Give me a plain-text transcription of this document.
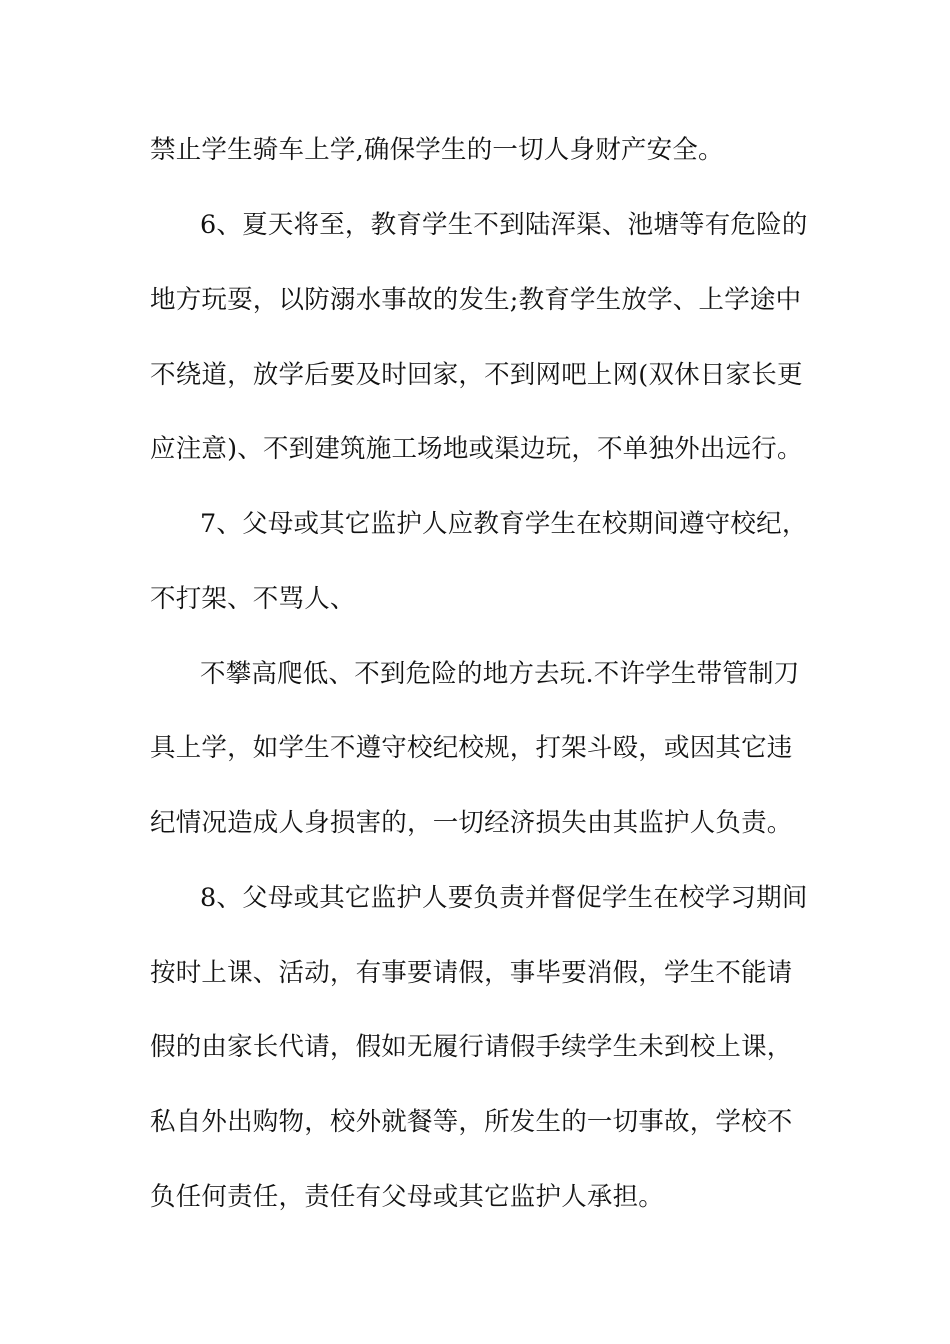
禁止学生骑车上学,确保学生的一切人身财产安全。
6、夏天将至，教育学生不到陆浑渠、池塘等有危险的
地方玩耍，以防溺水事故的发生;教育学生放学、上学途中
不绕道，放学后要及时回家，不到网吧上网(双休日家长更
应注意)、不到建筑施工场地或渠边玩，不单独外出远行。
7、父母或其它监护人应教育学生在校期间遵守校纪，
不打架、不骂人、
不攀高爬低、不到危险的地方去玩.不许学生带管制刀
具上学，如学生不遵守校纪校规，打架斗殴，或因其它违
纪情况造成人身损害的，一切经济损失由其监护人负责。
8、父母或其它监护人要负责并督促学生在校学习期间
按时上课、活动，有事要请假，事毕要消假，学生不能请
假的由家长代请，假如无履行请假手续学生未到校上课，
私自外出购物，校外就餐等，所发生的一切事故，学校不
负任何责任，责任有父母或其它监护人承担。
